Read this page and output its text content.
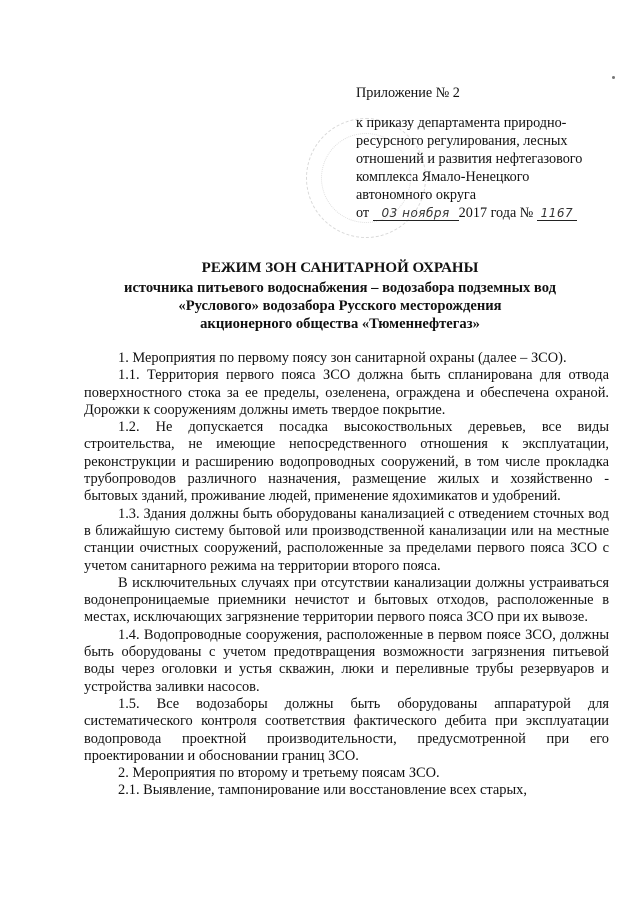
Приложение № 2
к приказу департамента природно-
ресурсного регулирования, лесных
отношений и развития нефтегазового
комплекса Ямало-Ненецкого
автономного округа
от 03 ноября 2017 года № 1167
РЕЖИМ ЗОН САНИТАРНОЙ ОХРАНЫ
источника питьевого водоснабжения – водозабора подземных вод
«Руслового» водозабора Русского месторождения
акционерного общества «Тюменнефтегаз»

1. Мероприятия по первому поясу зон санитарной охраны (далее – ЗСО).

1.1. Территория первого пояса ЗСО должна быть спланирована для отвода поверхностного стока за ее пределы, озеленена, ограждена и обеспечена охраной. Дорожки к сооружениям должны иметь твердое покрытие.

1.2. Не допускается посадка высокоствольных деревьев, все виды строительства, не имеющие непосредственного отношения к эксплуатации, реконструкции и расширению водопроводных сооружений, в том числе прокладка трубопроводов различного назначения, размещение жилых и хозяйственно - бытовых зданий, проживание людей, применение ядохимикатов и удобрений.

1.3. Здания должны быть оборудованы канализацией с отведением сточных вод в ближайшую систему бытовой или производственной канализации или на местные станции очистных сооружений, расположенные за пределами первого пояса ЗСО с учетом санитарного режима на территории второго пояса.

В исключительных случаях при отсутствии канализации должны устраиваться водонепроницаемые приемники нечистот и бытовых отходов, расположенные в местах, исключающих загрязнение территории первого пояса ЗСО при их вывозе.

1.4. Водопроводные сооружения, расположенные в первом поясе ЗСО, должны быть оборудованы с учетом предотвращения возможности загрязнения питьевой воды через оголовки и устья скважин, люки и переливные трубы резервуаров и устройства заливки насосов.

1.5. Все водозаборы должны быть оборудованы аппаратурой для систематического контроля соответствия фактического дебита при эксплуатации водопровода проектной производительности, предусмотренной при его проектировании и обосновании границ ЗСО.

2. Мероприятия по второму и третьему поясам ЗСО.

2.1. Выявление, тампонирование или восстановление всех старых,
